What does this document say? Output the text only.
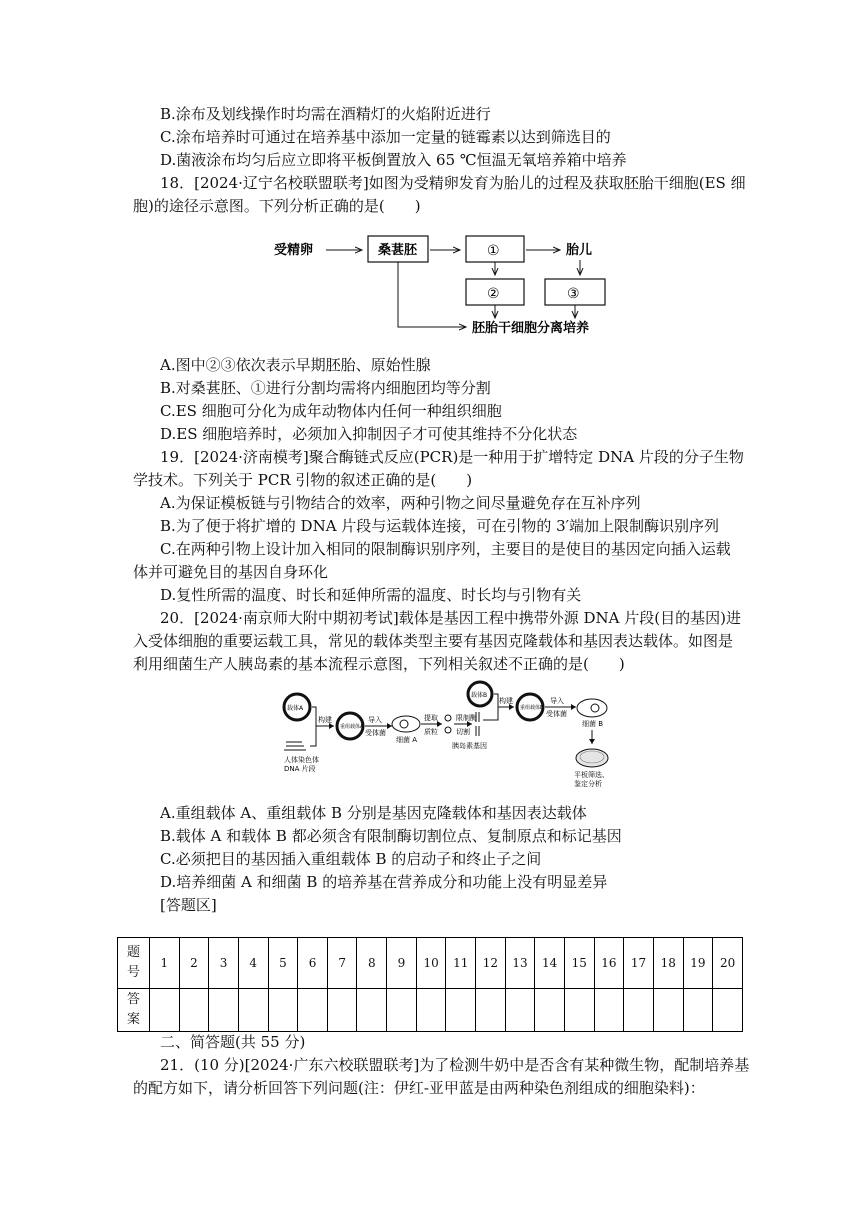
B.涂布及划线操作时均需在酒精灯的火焰附近进行
C.涂布培养时可通过在培养基中添加一定量的链霉素以达到筛选目的
D.菌液涂布均匀后应立即将平板倒置放入 65 ℃恒温无氧培养箱中培养
18．[2024·辽宁名校联盟联考]如图为受精卵发育为胎儿的过程及获取胚胎干细胞(ES 细
胞)的途径示意图。下列分析正确的是(　　)
受精卵	桑葚胚	①	胎儿
②	③
胚胎干细胞分离培养
A.图中②③依次表示早期胚胎、原始性腺
B.对桑葚胚、①进行分割均需将内细胞团均等分割
C.ES 细胞可分化为成年动物体内任何一种组织细胞
D.ES 细胞培养时，必须加入抑制因子才可使其维持不分化状态
19．[2024·济南模考]聚合酶链式反应(PCR)是一种用于扩增特定 DNA 片段的分子生物
学技术。下列关于 PCR 引物的叙述正确的是(　　)
A.为保证模板链与引物结合的效率，两种引物之间尽量避免存在互补序列
B.为了便于将扩增的 DNA 片段与运载体连接，可在引物的 3′端加上限制酶识别序列
C.在两种引物上设计加入相同的限制酶识别序列，主要目的是使目的基因定向插入运载
体并可避免目的基因自身环化
D.复性所需的温度、时长和延伸所需的温度、时长均与引物有关
20．[2024·南京师大附中期初考试]载体是基因工程中携带外源 DNA 片段(目的基因)进
入受体细胞的重要运载工具，常见的载体类型主要有基因克隆载体和基因表达载体。如图是
利用细菌生产人胰岛素的基本流程示意图，下列相关叙述不正确的是(　　)
载体A
人体染色体
DNA 片段
构建
重组载体A
导入
受体菌
细菌 A
提取
质粒
限制酶
切割
胰岛素基因
载体B
构建
重组载体B
导入
受体菌
细菌 B
平板筛选、
鉴定分析
A.重组载体 A、重组载体 B 分别是基因克隆载体和基因表达载体
B.载体 A 和载体 B 都必须含有限制酶切割位点、复制原点和标记基因
C.必须把目的基因插入重组载体 B 的启动子和终止子之间
D.培养细菌 A 和细菌 B 的培养基在营养成分和功能上没有明显差异
[答题区]
题
号	1	2	3	4	5	6	7	8	9	10	11	12	13	14	15	16	17	18	19	20
答
案																				
二、简答题(共 55 分)
21．(10 分)[2024·广东六校联盟联考]为了检测牛奶中是否含有某种微生物，配制培养基
的配方如下，请分析回答下列问题(注：伊红-亚甲蓝是由两种染色剂组成的细胞染料)：
